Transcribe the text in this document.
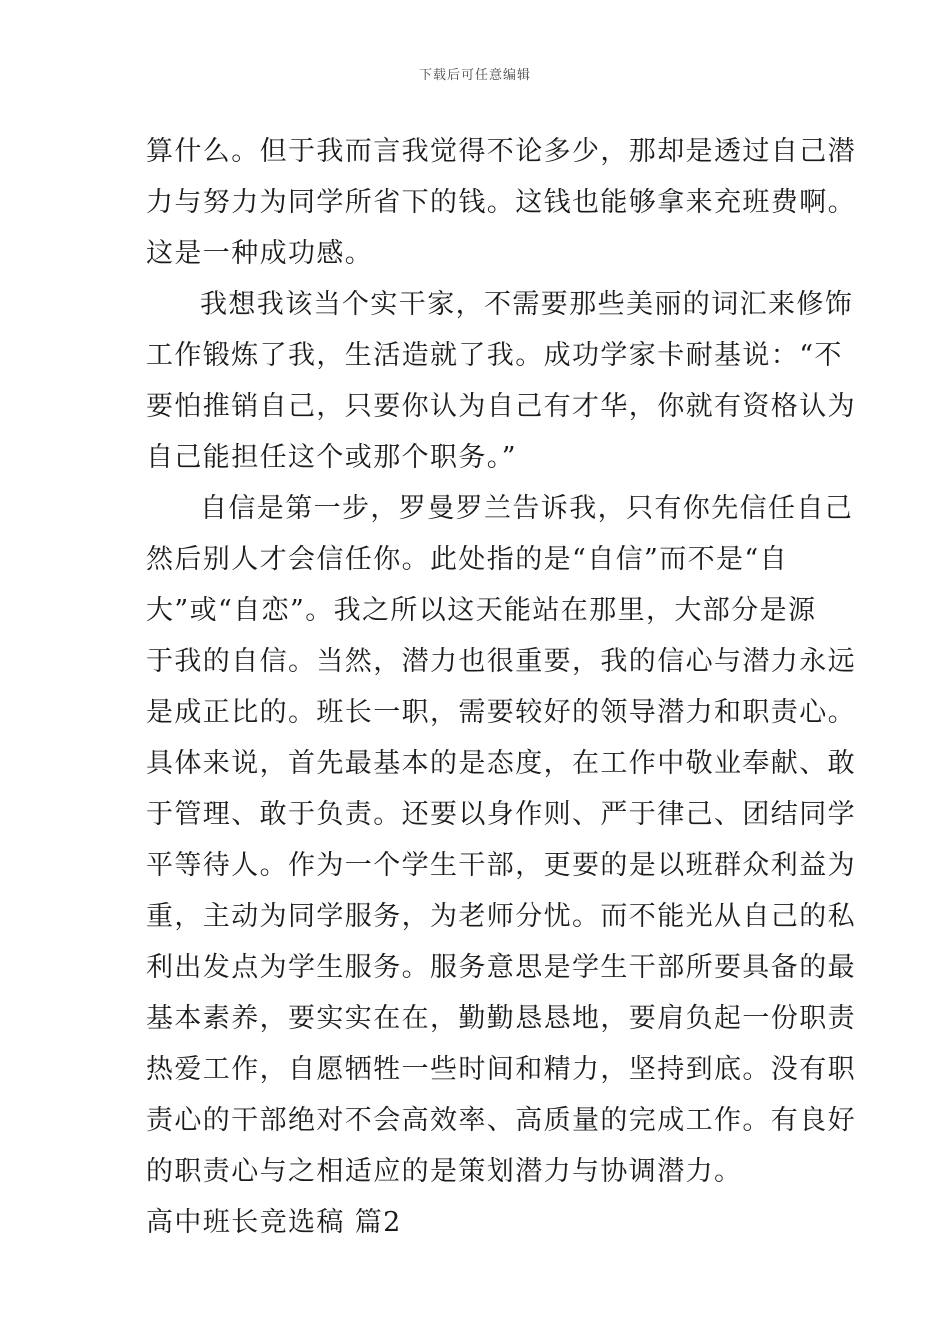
下载后可任意编辑
算什么。但于我而言我觉得不论多少，那却是透过自己潜
力与努力为同学所省下的钱。这钱也能够拿来充班费啊。
这是一种成功感。
我想我该当个实干家，不需要那些美丽的词汇来修饰
工作锻炼了我，生活造就了我。成功学家卡耐基说：“不
要怕推销自己，只要你认为自己有才华，你就有资格认为
自己能担任这个或那个职务。”
自信是第一步，罗曼罗兰告诉我，只有你先信任自己
然后别人才会信任你。此处指的是“自信”而不是“自
大”或“自恋”。我之所以这天能站在那里，大部分是源
于我的自信。当然，潜力也很重要，我的信心与潜力永远
是成正比的。班长一职，需要较好的领导潜力和职责心。
具体来说，首先最基本的是态度，在工作中敬业奉献、敢
于管理、敢于负责。还要以身作则、严于律己、团结同学
平等待人。作为一个学生干部，更要的是以班群众利益为
重，主动为同学服务，为老师分忧。而不能光从自己的私
利出发点为学生服务。服务意思是学生干部所要具备的最
基本素养，要实实在在，勤勤恳恳地，要肩负起一份职责
热爱工作，自愿牺牲一些时间和精力，坚持到底。没有职
责心的干部绝对不会高效率、高质量的完成工作。有良好
的职责心与之相适应的是策划潜力与协调潜力。
高中班长竞选稿 篇2
